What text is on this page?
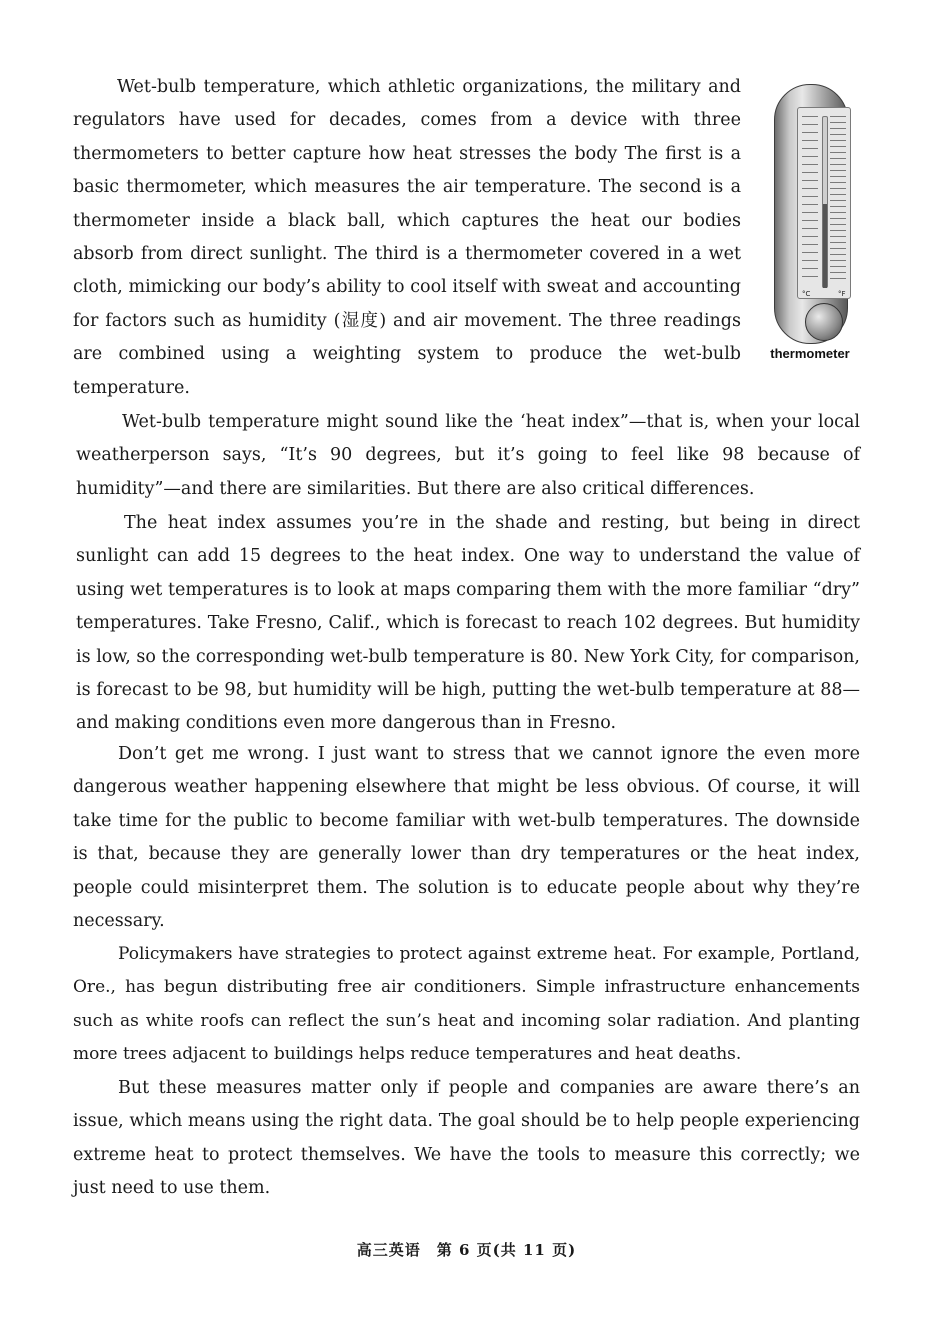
Wet-bulb temperature, which athletic organizations, the military and regulators have used for decades, comes from a device with three thermometers to better capture how heat stresses the body The first is a basic thermometer, which measures the air temperature. The second is a thermometer inside a black ball, which captures the heat our bodies absorb from direct sunlight. The third is a thermometer covered in a wet cloth, mimicking our body’s ability to cool itself with sweat and accounting for factors such as humidity (湿度) and air movement. The three readings are combined using a weighting system to produce the wet-bulb temperature.

°C	°F
thermometer

Wet-bulb temperature might sound like the ‘heat index”—that is, when your local weatherperson says, “It’s 90 degrees, but it’s going to feel like 98 because of humidity”—and there are similarities. But there are also critical differences.

The heat index assumes you’re in the shade and resting, but being in direct sunlight can add 15 degrees to the heat index. One way to understand the value of using wet temperatures is to look at maps comparing them with the more familiar “dry” temperatures. Take Fresno, Calif., which is forecast to reach 102 degrees. But humidity is low, so the corresponding wet-bulb temperature is 80. New York City, for comparison, is forecast to be 98, but humidity will be high, putting the wet-bulb temperature at 88—and making conditions even more dangerous than in Fresno.

Don’t get me wrong. I just want to stress that we cannot ignore the even more dangerous weather happening elsewhere that might be less obvious. Of course, it will take time for the public to become familiar with wet-bulb temperatures. The downside is that, because they are generally lower than dry temperatures or the heat index, people could misinterpret them. The solution is to educate people about why they’re necessary.

Policymakers have strategies to protect against extreme heat. For example, Portland, Ore., has begun distributing free air conditioners. Simple infrastructure enhancements such as white roofs can reflect the sun’s heat and incoming solar radiation. And planting more trees adjacent to buildings helps reduce temperatures and heat deaths.

But these measures matter only if people and companies are aware there’s an issue, which means using the right data. The goal should be to help people experiencing extreme heat to protect themselves. We have the tools to measure this correctly; we just need to use them.

高三英语　第 6 页(共 11 页)
